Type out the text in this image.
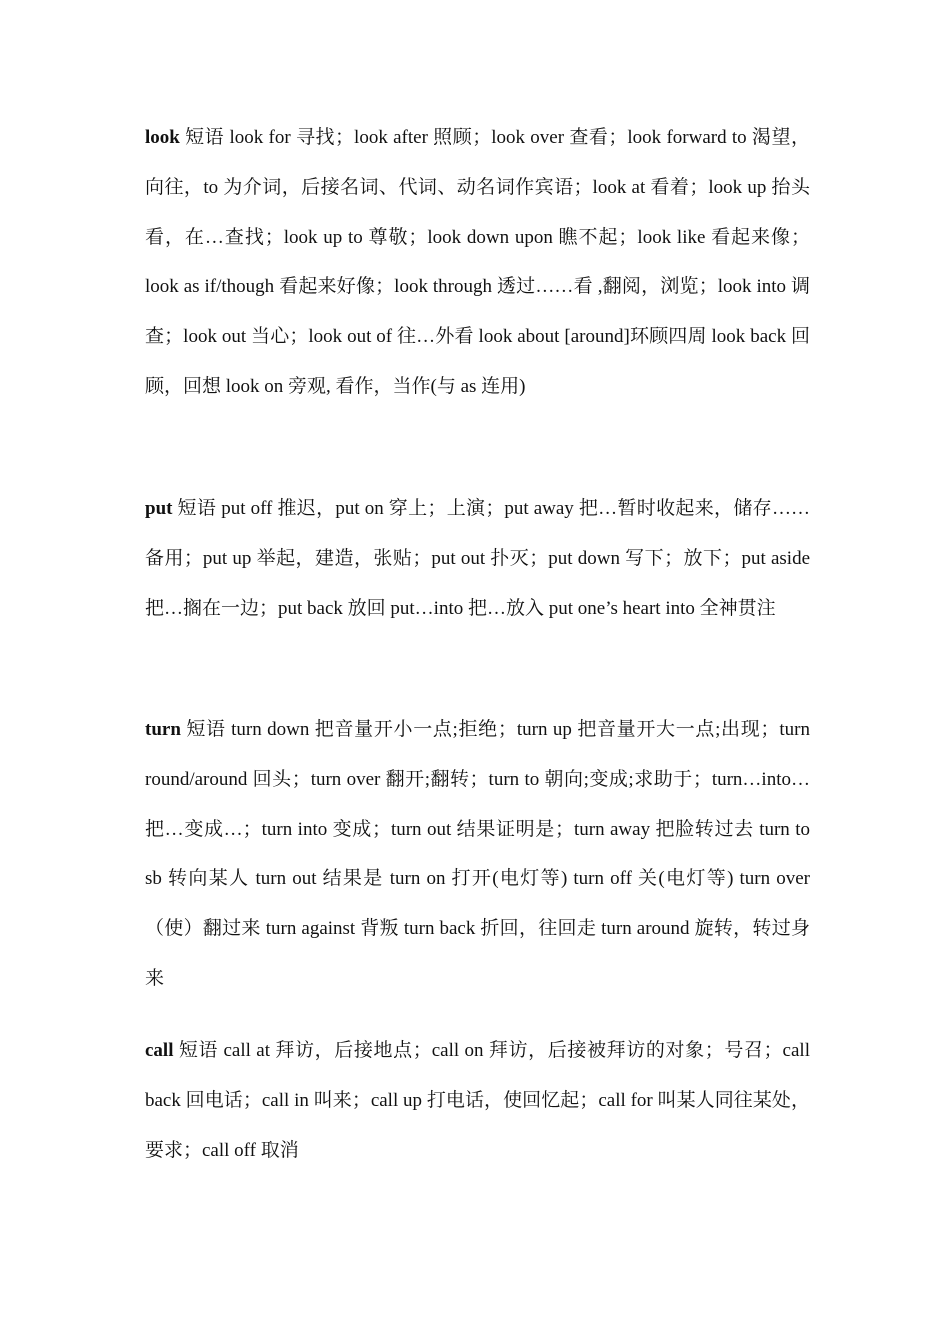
look 短语 look for 寻找；look after 照顾；look over 查看；look forward to 渴望，向往，to 为介词，后接名词、代词、动名词作宾语；look at 看着；look up 抬头看，在…查找；look up to 尊敬；look down upon 瞧不起；look like 看起来像；look as if/though 看起来好像；look through 透过……看 ,翻阅，浏览；look into 调查；look out 当心；look out of 往…外看 look about [around]环顾四周 look back 回顾，回想 look on 旁观, 看作，当作(与 as 连用)

put 短语 put off 推迟，put on 穿上；上演；put away 把…暂时收起来，储存……备用；put up 举起，建造，张贴；put out 扑灭；put down 写下；放下；put aside 把…搁在一边；put back 放回 put…into 把…放入 put one’s heart into 全神贯注

turn 短语 turn down 把音量开小一点;拒绝；turn up 把音量开大一点;出现；turn round/around 回头；turn over 翻开;翻转；turn to 朝向;变成;求助于；turn…into…把…变成…；turn into 变成；turn out 结果证明是；turn away 把脸转过去 turn to sb 转向某人 turn out 结果是 turn on 打开(电灯等) turn off 关(电灯等) turn over （使）翻过来 turn against 背叛 turn back 折回，往回走 turn around 旋转，转过身来

call 短语 call at 拜访，后接地点；call on 拜访，后接被拜访的对象；号召；call back 回电话；call in 叫来；call up 打电话，使回忆起；call for 叫某人同往某处，要求；call off 取消
